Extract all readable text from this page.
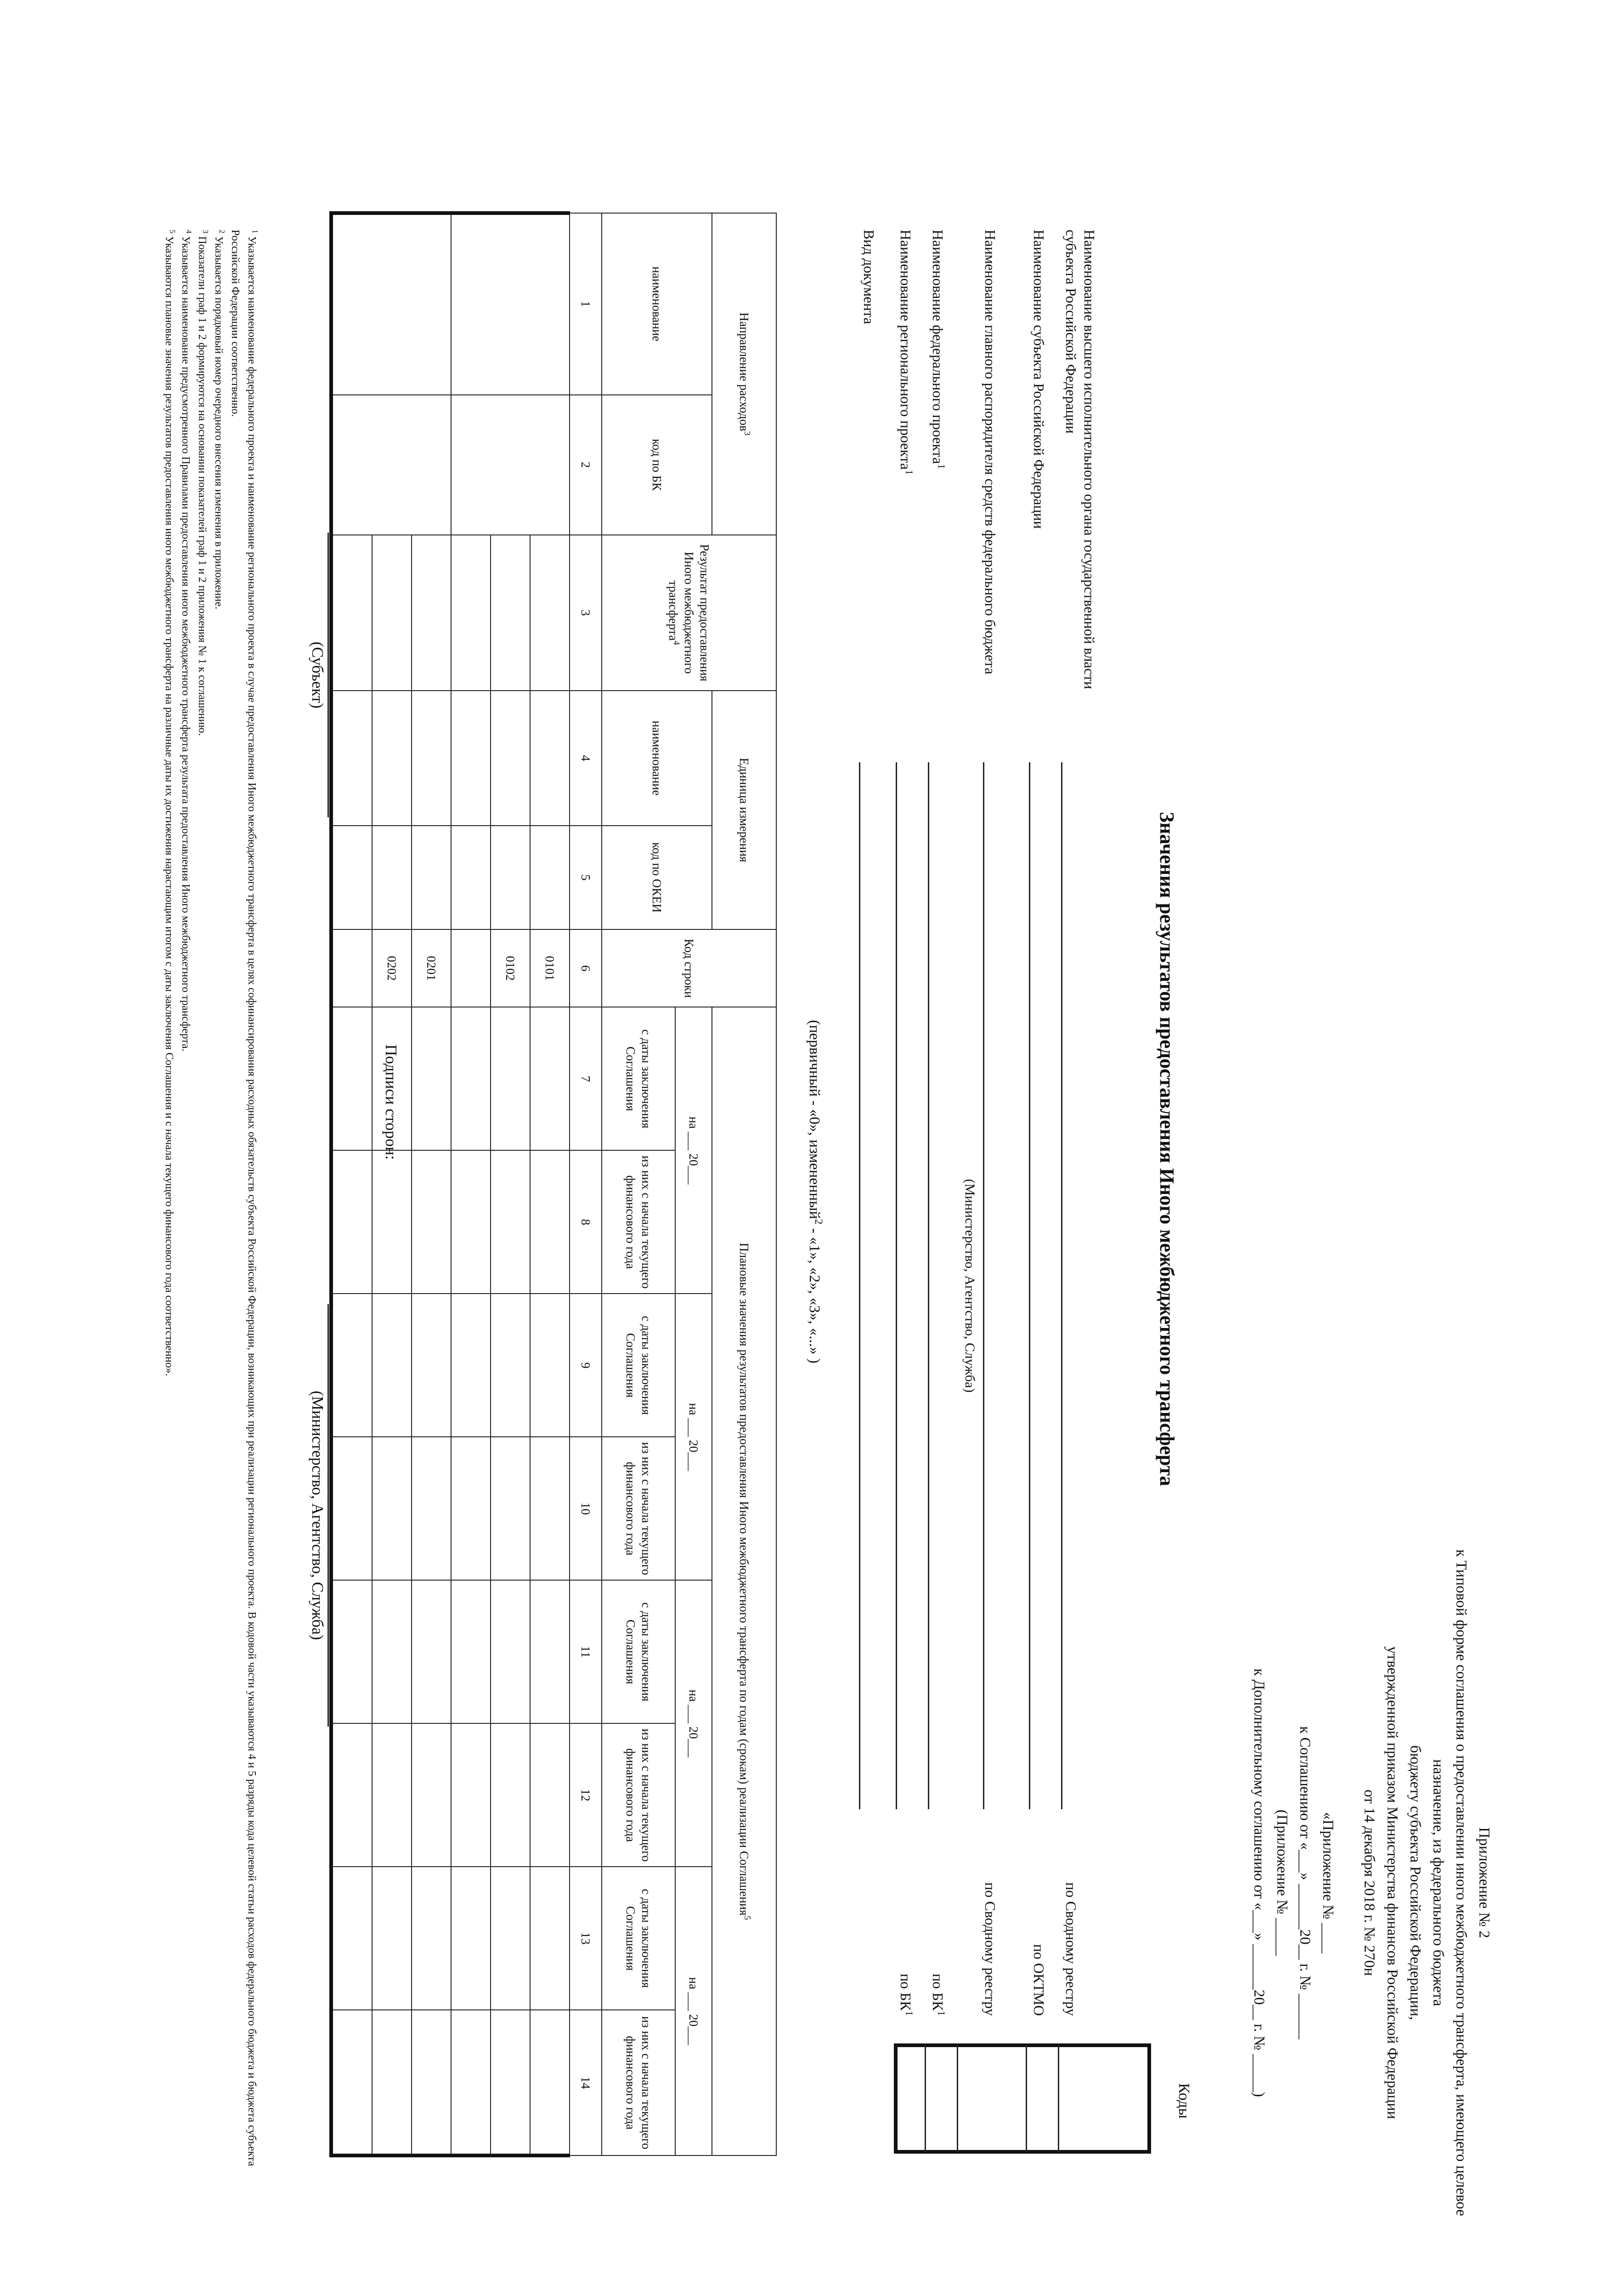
Приложение № 2
к Типовой форме соглашения о предоставлении иного межбюджетного трансферта, имеющего целевое
назначение, из федерального бюджета
бюджету субъекта Российской Федерации,
утвержденной приказом Министерства финансов Российской Федерации
от 14 декабря 2018 г. № 270н
«Приложение № ____
к Соглашению от «___» ______20__ г. № ______
(Приложение № _____
к Дополнительному соглашению от «___» ______20__ г. № _____)
Значения результатов предоставления Иного межбюджетного трансферта
Коды
Наименование высшего исполнительного органа государственной власти субъекта Российской Федерации
по Сводному реестру
Наименование субъекта Российской Федерации
по ОКТМО
Наименование главного распорядителя средств федерального бюджета
(Министерство, Агентство, Служба)
по Сводному реестру
Наименование федерального проекта$^1$
по $БК^1$
Наименование регионального проекта$^1$
по $БК^1$
Вид документа
(первичный - «0», измененный$^2$ - «1», «2», «3», «...» )
Направление расходов$^3$		Результат предоставления Иного межбюджетного трансферта$^4$	Единица измерения		Код строки	Плановые значения результатов предоставления Иного межбюджетного трансферта по годам (срокам) реализации Соглашения$^5$
наименование	код по БК		наименование	код по ОКЕИ		на ___ 20___		на ___ 20___		на ___ 20___		на ___ 20___	
						с даты заключения Соглашения	из них с начала текущего финансового года	с даты заключения Соглашения	из них с начала текущего финансового года	с даты заключения Соглашения	из них с начала текущего финансового года	с даты заключения Соглашения	из них с начала текущего финансового года
1	2	3	4	5	6	7	8	9	10	11	12	13	14
					0101								
					0102								

					0201								
					0202								

Подписи сторон:
(Субъект)
(Министерство, Агентство, Служба)
$^1$ Указывается наименование федерального проекта и наименование регионального проекта в случае предоставления Иного межбюджетного трансферта в целях софинансирования расходных обязательств субъекта Российской Федерации, возникающих при реализации регионального проекта. В кодовой части указываются 4 и 5 разряды кода целевой статьи расходов федерального бюджета и бюджета субъекта Российской Федерации соответственно.
$^2$ Указывается порядковый номер очередного внесения изменения в приложение.
$^3$ Показатели граф 1 и 2 формируются на основании показателей граф 1 и 2 приложения № 1 к соглашению.
$^4$ Указывается наименование предусмотренного Правилами предоставления иного межбюджетного трансферта результата предоставления Иного межбюджетного трансферта.
$^5$ Указываются плановые значения результатов предоставления иного межбюджетного трансферта на различные даты их достижения нарастающим итогом с даты заключения Соглашения и с начала текущего финансового года соответственно».
